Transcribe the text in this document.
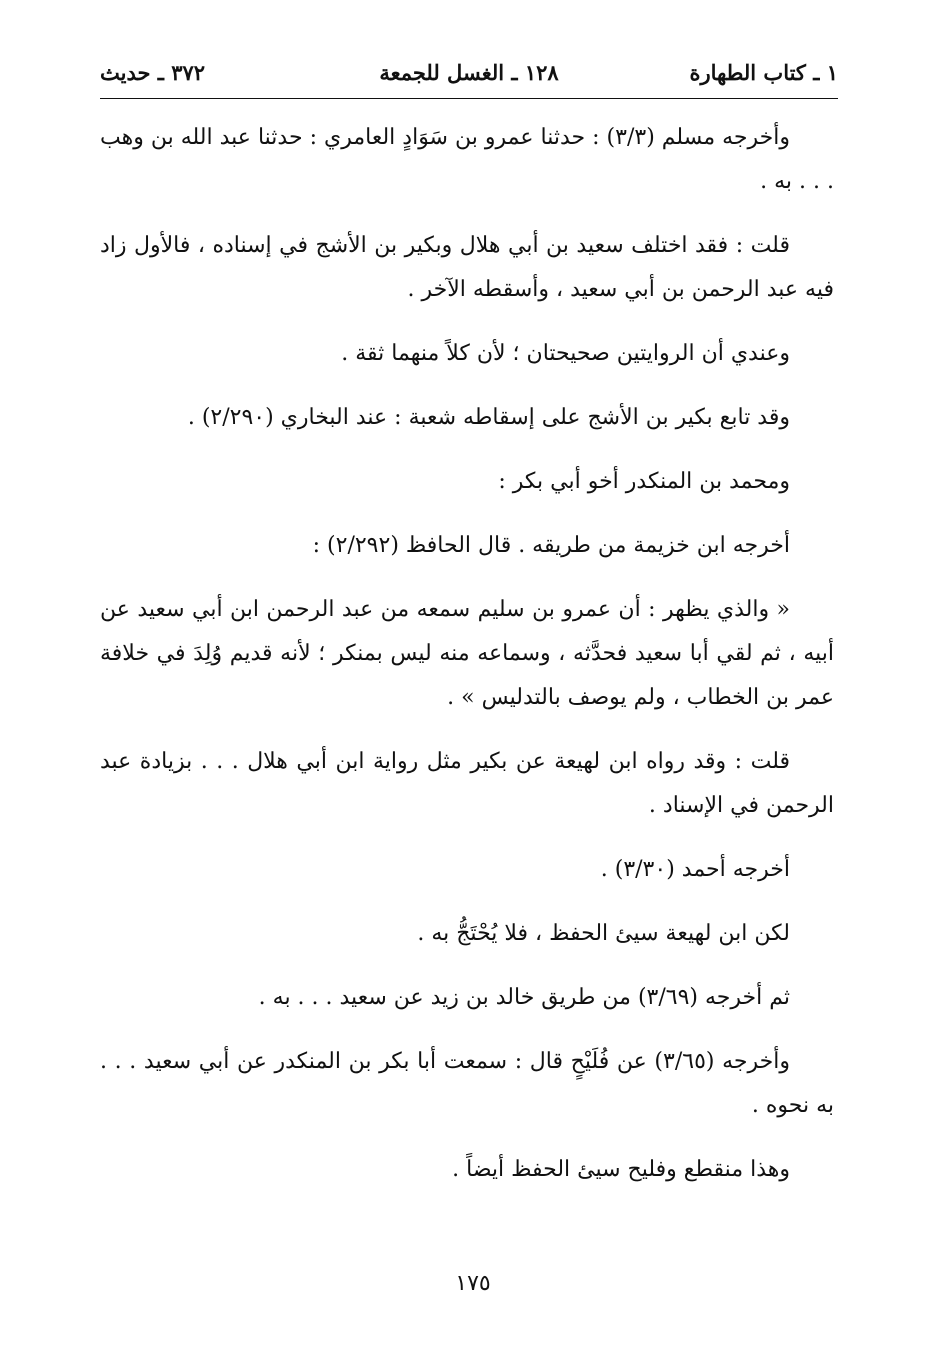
١ ـ كتاب الطهارة
١٢٨ ـ الغسل للجمعة
٣٧٢ ـ حديث

وأخرجه مسلم (٣/٣) : حدثنا عمرو بن سَوَادٍ العامري : حدثنا عبد الله بن وهب . . . به .

قلت : فقد اختلف سعيد بن أبي هلال وبكير بن الأشج في إسناده ، فالأول زاد فيه عبد الرحمن بن أبي سعيد ، وأسقطه الآخر .

وعندي أن الروايتين صحيحتان ؛ لأن كلاً منهما ثقة .

وقد تابع بكير بن الأشج على إسقاطه شعبة : عند البخاري (٢/٢٩٠) .

ومحمد بن المنكدر أخو أبي بكر :

أخرجه ابن خزيمة من طريقه . قال الحافظ (٢/٢٩٢) :

« والذي يظهر : أن عمرو بن سليم سمعه من عبد الرحمن ابن أبي سعيد عن أبيه ، ثم لقي أبا سعيد فحدَّثه ، وسماعه منه ليس بمنكر ؛ لأنه قديم وُلِدَ في خلافة عمر بن الخطاب ، ولم يوصف بالتدليس » .

قلت : وقد رواه ابن لهيعة عن بكير مثل رواية ابن أبي هلال . . . بزيادة عبد الرحمن في الإسناد .

أخرجه أحمد (٣/٣٠) .

لكن ابن لهيعة سيئ الحفظ ، فلا يُحْتَجُّ به .

ثم أخرجه (٣/٦٩) من طريق خالد بن زيد عن سعيد . . . به .

وأخرجه (٣/٦٥) عن فُلَيْحٍ قال : سمعت أبا بكر بن المنكدر عن أبي سعيد . . . به نحوه .

وهذا منقطع وفليح سيئ الحفظ أيضاً .

١٧٥
